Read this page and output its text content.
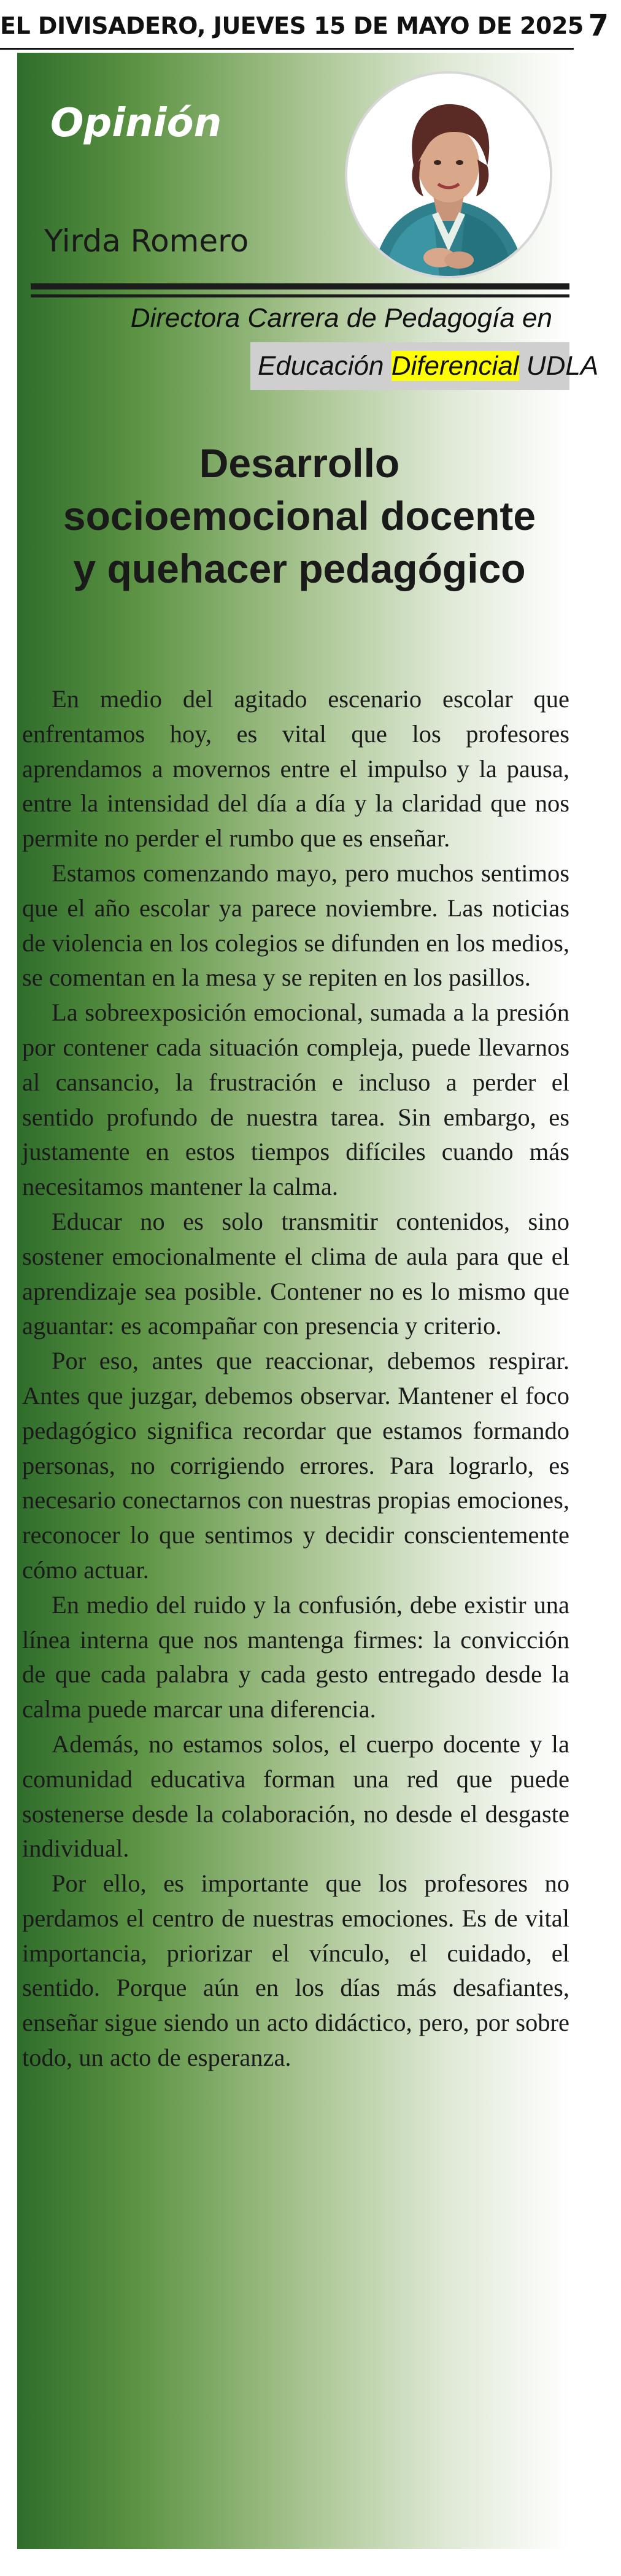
EL DIVISADERO, JUEVES 15 DE MAYO DE 2025 7
Opinión
Yirda Romero
Directora Carrera de Pedagogía en
Educación Diferencial UDLA
Desarrollo socioemocional docente y quehacer pedagógico

En medio del agitado escenario escolar que enfrentamos hoy, es vital que los profesores aprendamos a movernos entre el impulso y la pausa, entre la intensidad del día a día y la claridad que nos permite no perder el rumbo que es enseñar.

Estamos comenzando mayo, pero muchos sentimos que el año escolar ya parece noviembre. Las noticias de violencia en los colegios se difunden en los medios, se comentan en la mesa y se repiten en los pasillos.

La sobreexposición emocional, sumada a la presión por contener cada situación compleja, puede llevarnos al cansancio, la frustración e incluso a perder el sentido profundo de nuestra tarea. Sin embargo, es justamente en estos tiempos difíciles cuando más necesitamos mantener la calma.

Educar no es solo transmitir contenidos, sino sostener emocionalmente el clima de aula para que el aprendizaje sea posible. Contener no es lo mismo que aguantar: es acompañar con presencia y criterio.

Por eso, antes que reaccionar, debemos respirar. Antes que juzgar, debemos observar. Mantener el foco pedagógico significa recordar que estamos formando personas, no corrigiendo errores. Para lograrlo, es necesario conectarnos con nuestras propias emociones, reconocer lo que sentimos y decidir conscientemente cómo actuar.

En medio del ruido y la confusión, debe existir una línea interna que nos mantenga firmes: la convicción de que cada palabra y cada gesto entregado desde la calma puede marcar una diferencia.

Además, no estamos solos, el cuerpo docente y la comunidad educativa forman una red que puede sostenerse desde la colaboración, no desde el desgaste individual.

Por ello, es importante que los profesores no perdamos el centro de nuestras emociones. Es de vital importancia, priorizar el vínculo, el cuidado, el sentido. Porque aún en los días más desafiantes, enseñar sigue siendo un acto didáctico, pero, por sobre todo, un acto de esperanza.
